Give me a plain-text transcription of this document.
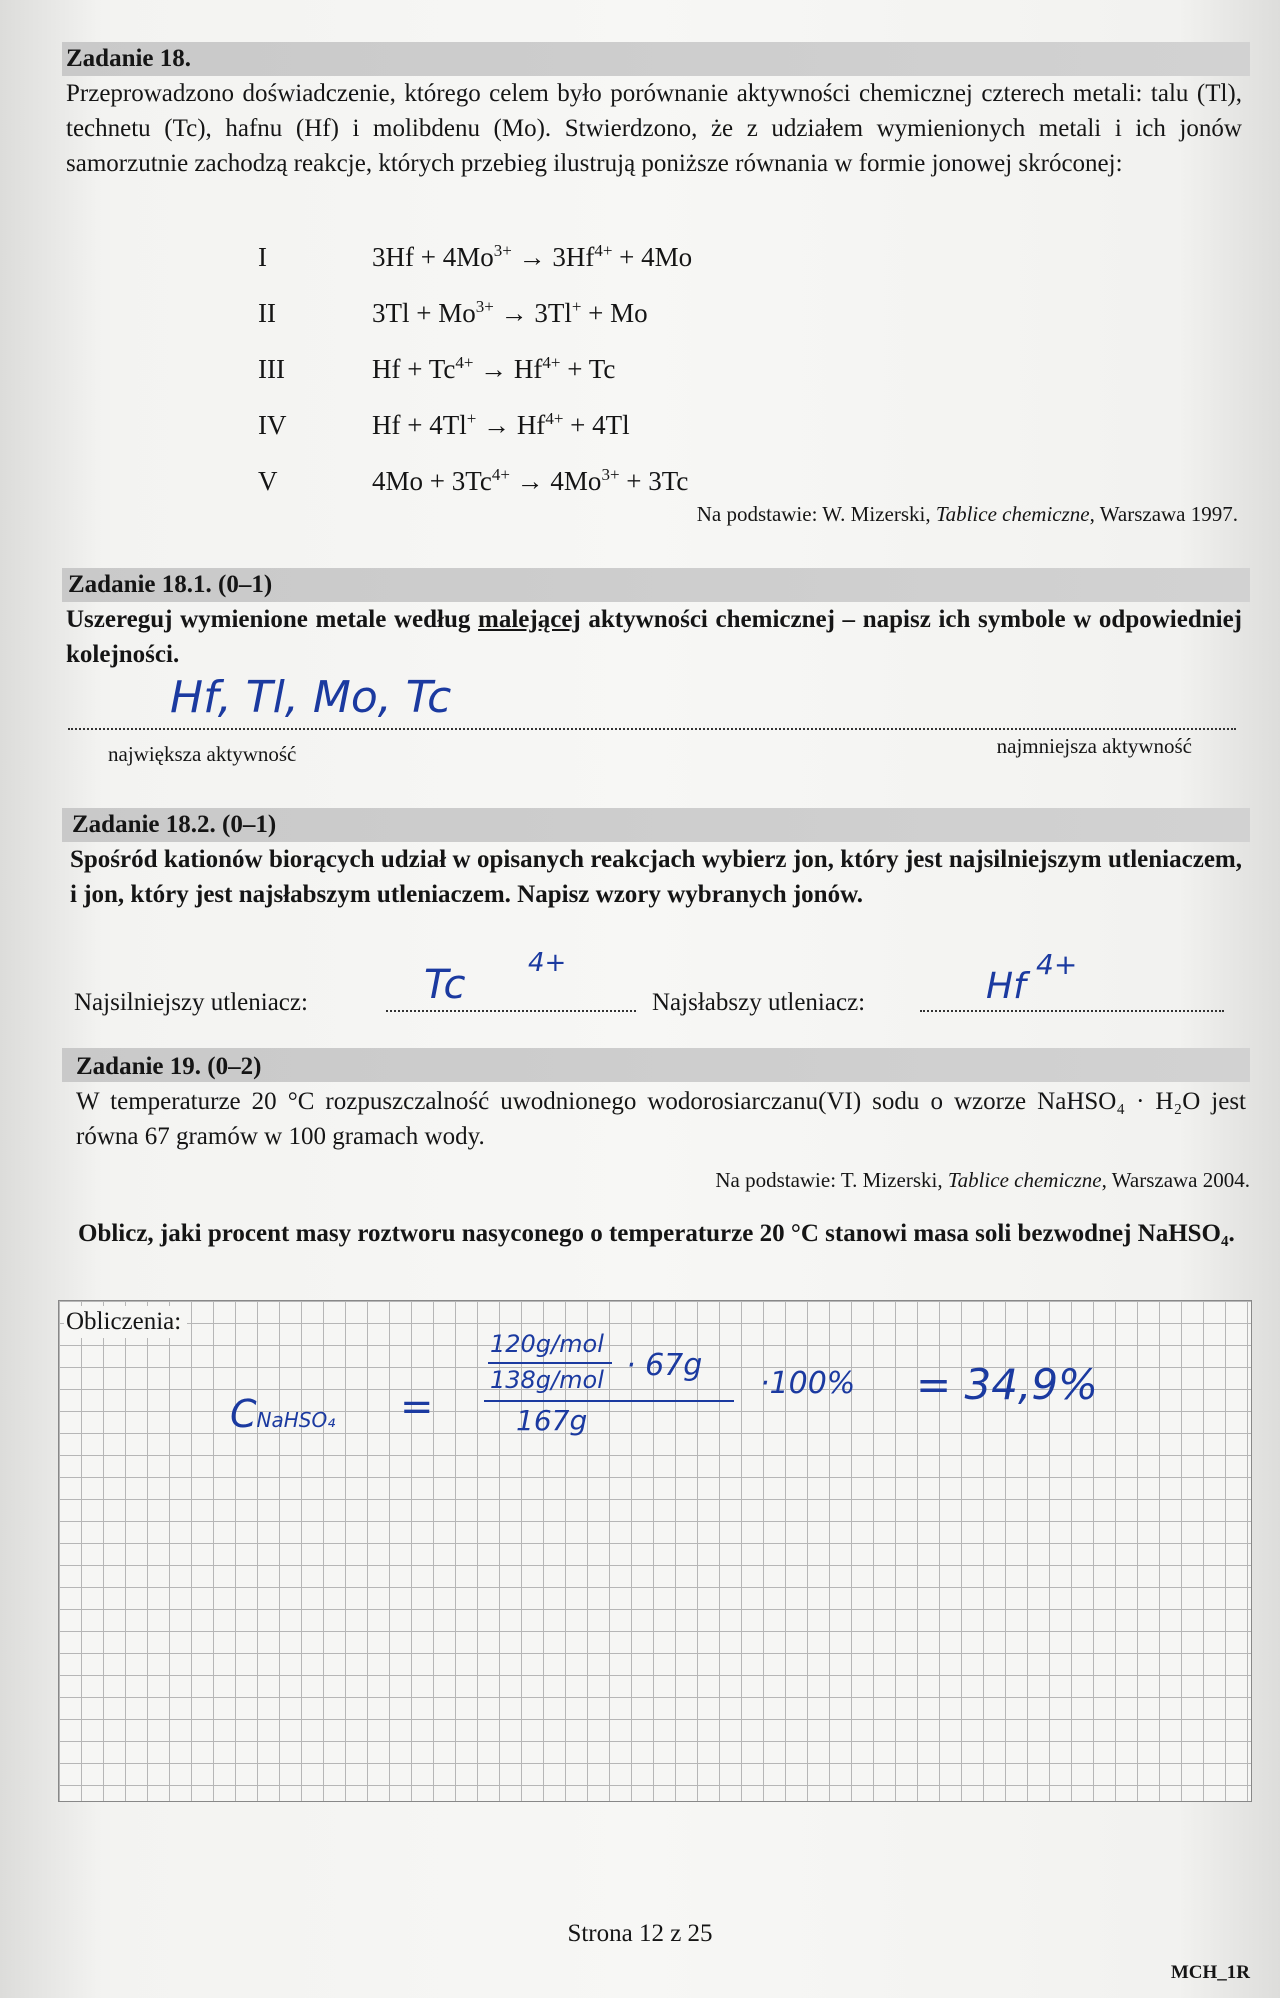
Zadanie 18.
Przeprowadzono doświadczenie, którego celem było porównanie aktywności chemicznej czterech metali: talu (Tl), technetu (Tc), hafnu (Hf) i molibdenu (Mo). Stwierdzono, że z udziałem wymienionych metali i ich jonów samorzutnie zachodzą reakcje, których przebieg ilustrują poniższe równania w formie jonowej skróconej:
I	$3Hf + 4Mo^{3+} \to 3Hf^{4+} + 4Mo$
II	$3Tl + Mo^{3+} \to 3Tl^+ + Mo$
III	$Hf + Tc^{4+} \to Hf^{4+} + Tc$
IV	$Hf + 4Tl^+ \to Hf^{4+} + 4Tl$
V	$4Mo + 3Tc^{4+} \to 4Mo^{3+} + 3Tc$
Na podstawie: W. Mizerski, Tablice chemiczne, Warszawa 1997.
Zadanie 18.1. (0–1)
Uszereguj wymienione metale według malejącej aktywności chemicznej – napisz ich symbole w odpowiedniej kolejności.
Hf, Tl, Mo, Tc
największa aktywność	najmniejsza aktywność
Zadanie 18.2. (0–1)
Spośród kationów biorących udział w opisanych reakcjach wybierz jon, który jest najsilniejszym utleniaczem, i jon, który jest najsłabszym utleniaczem. Napisz wzory wybranych jonów.
Najsilniejszy utleniacz:	Tc 4+
Najsłabszy utleniacz:	Hf
4+
Zadanie 19. (0–2)
W temperaturze 20 °C rozpuszczalność uwodnionego wodorosiarczanu(VI) sodu o wzorze NaHSO₄ · H₂O jest równa 67 gramów w 100 gramach wody.
Na podstawie: T. Mizerski, Tablice chemiczne, Warszawa 2004.
Oblicz, jaki procent masy roztworu nasyconego o temperaturze 20 °C stanowi masa soli bezwodnej NaHSO₄.
Obliczenia:
CNaHSO₄ =
120g/mol
138g/mol · 67g
167g
·100% = 34,9%
Strona 12 z 25
MCH_1R
